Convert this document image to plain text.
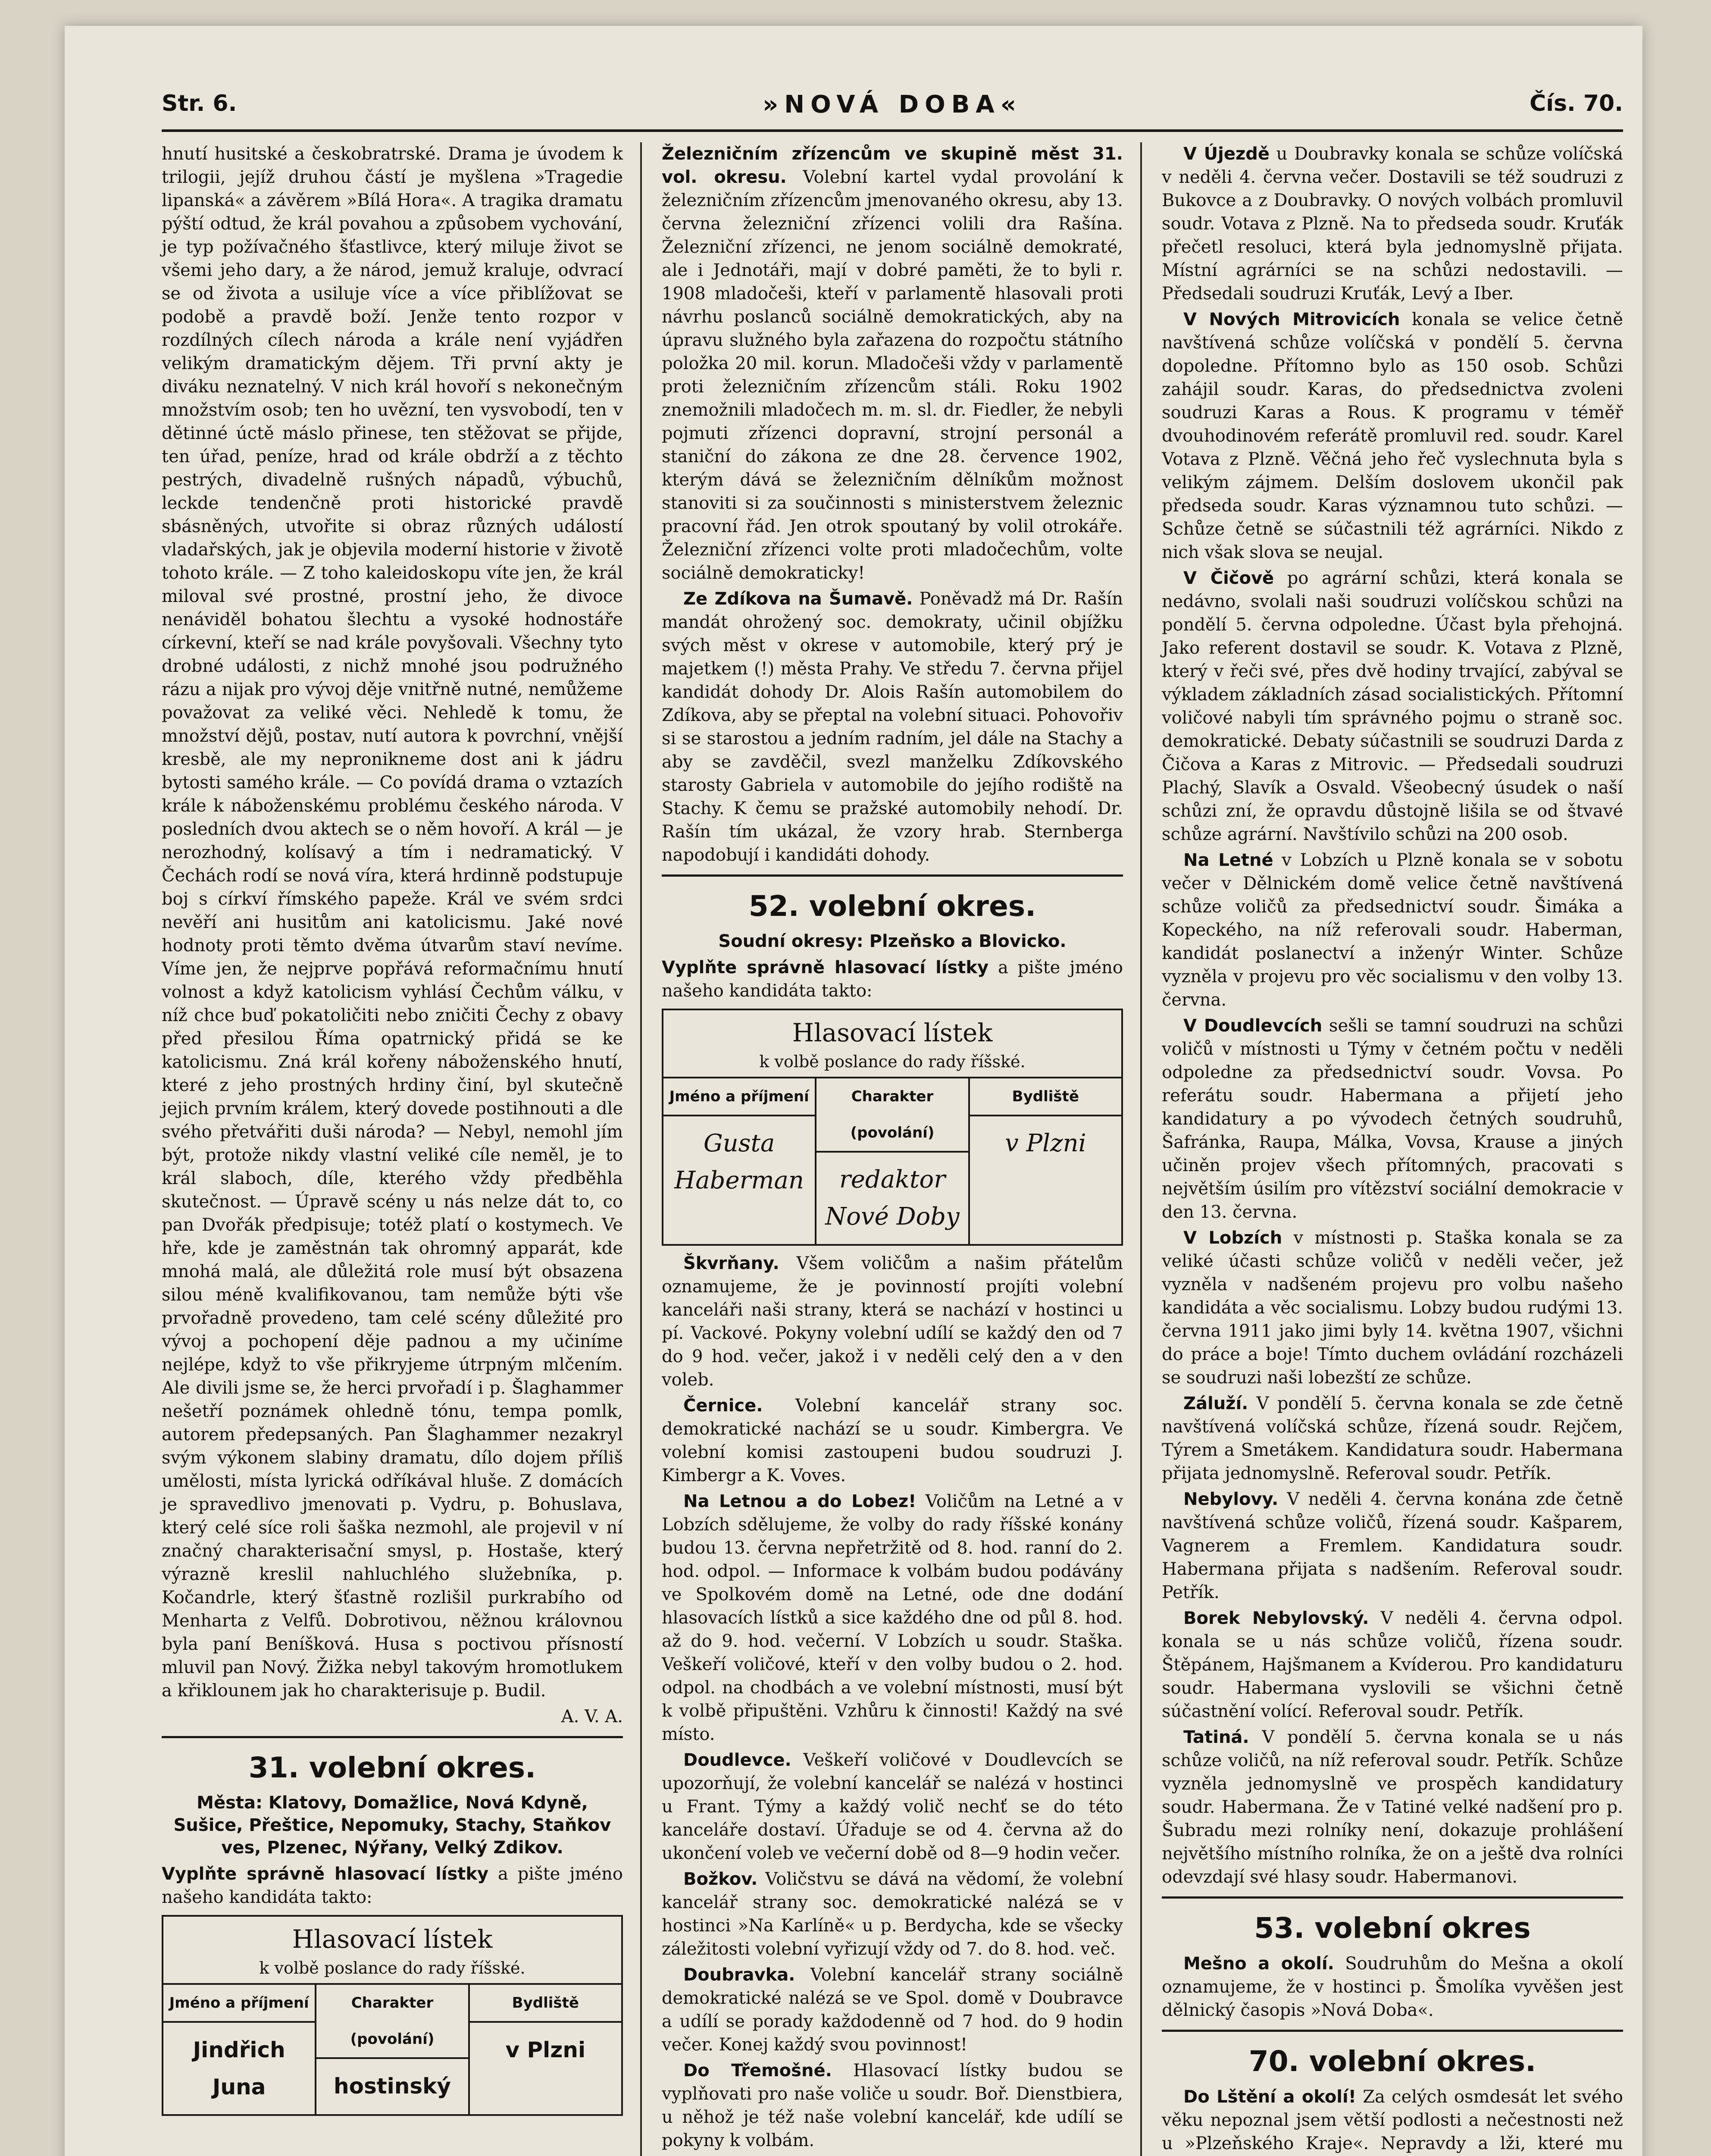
Str. 6.	»NOVÁ DOBA«	Čís. 70.

hnutí husitské a českobratrské. Drama je úvodem k trilogii, jejíž druhou částí je myšlena »Tragedie lipanská« a závěrem »Bílá Hora«. A tragika dramatu pýští odtud, že král povahou a způsobem vychování, je typ požívačného šťastlivce, který miluje život se všemi jeho dary, a že národ, jemuž kraluje, odvrací se od života a usiluje více a více přiblížovat se podobě a pravdě boží. Jenže tento rozpor v rozdílných cílech národa a krále není vyjádřen velikým dramatickým dějem. Tři první akty je diváku neznatelný. V nich král hovoří s nekonečným množstvím osob; ten ho uvězní, ten vysvobodí, ten v dětinné úctě máslo přinese, ten stěžovat se přijde, ten úřad, peníze, hrad od krále obdrží a z těchto pestrých, divadelně rušných nápadů, výbuchů, leckde tendenčně proti historické pravdě sbásněných, utvořite si obraz různých událostí vladařských, jak je objevila moderní historie v životě tohoto krále. — Z toho kaleidoskopu víte jen, že král miloval své prostné, prostní jeho, že divoce nenáviděl bohatou šlechtu a vysoké hodnostáře církevní, kteří se nad krále povyšovali. Všechny tyto drobné události, z nichž mnohé jsou podružného rázu a nijak pro vývoj děje vnitřně nutné, nemůžeme považovat za veliké věci. Nehledě k tomu, že množství dějů, postav, nutí autora k povrchní, vnější kresbě, ale my nepronikneme dost ani k jádru bytosti samého krále. — Co povídá drama o vztazích krále k náboženskému problému českého národa. V posledních dvou aktech se o něm hovoří. A král — je nerozhodný, kolísavý a tím i nedramatický. V Čechách rodí se nová víra, která hrdinně podstupuje boj s církví římského papeže. Král ve svém srdci nevěří ani husitům ani katolicismu. Jaké nové hodnoty proti těmto dvěma útvarům staví nevíme. Víme jen, že nejprve popřává reformačnímu hnutí volnost a když katolicism vyhlásí Čechům válku, v níž chce buď pokatoličiti nebo zničiti Čechy z obavy před přesilou Říma opatrnický přidá se ke katolicismu. Zná král kořeny náboženského hnutí, které z jeho prostných hrdiny činí, byl skutečně jejich prvním králem, který dovede postihnouti a dle svého přetvářiti duši národa? — Nebyl, nemohl jím být, protože nikdy vlastní veliké cíle neměl, je to král slaboch, díle, kterého vždy předběhla skutečnost. — Úpravě scény u nás nelze dát to, co pan Dvořák předpisuje; totéž platí o kostymech. Ve hře, kde je zaměstnán tak ohromný apparát, kde mnohá malá, ale důležitá role musí být obsazena silou méně kvalifikovanou, tam nemůže býti vše prvořadně provedeno, tam celé scény důležité pro vývoj a pochopení děje padnou a my učiníme nejlépe, když to vše přikryjeme útrpným mlčením. Ale divili jsme se, že herci prvořadí i p. Šlaghammer nešetří poznámek ohledně tónu, tempa pomlk, autorem předepsaných. Pan Šlaghammer nezakryl svým výkonem slabiny dramatu, dílo dojem příliš umělosti, místa lyrická odříkával hluše. Z domácích je spravedlivo jmenovati p. Vydru, p. Bohuslava, který celé síce roli šaška nezmohl, ale projevil v ní značný charakterisační smysl, p. Hostaše, který výrazně kreslil nahluchlého služebníka, p. Kočandrle, který šťastně rozlišil purkrabího od Menharta z Velfů. Dobrotivou, něžnou královnou byla paní Beníšková. Husa s poctivou přísností mluvil pan Nový. Žižka nebyl takovým hromotlukem a křiklounem jak ho charakterisuje p. Budil.

A. V. A.
31. volební okres.
Města: Klatovy, Domažlice, Nová Kdyně, Sušice, Přeštice, Nepomuky, Stachy, Staňkov ves, Plzenec, Nýřany, Velký Zdikov.

Vyplňte správně hlasovací lístky a pište jméno našeho kandidáta takto:

Hlasovací lístek
k volbě poslance do rady říšské.
Jméno a příjmení
Jindřich Juna
Charakter (povolání)
hostinský
Bydliště
v Plzni

Železničním zřízencům ve skupině měst 31. vol. okresu. Volební kartel vydal provolání k železničním zřízencům jmenovaného okresu, aby 13. června železniční zřízenci volili dra Rašína. Železniční zřízenci, ne jenom sociálně demokraté, ale i Jednotáři, mají v dobré paměti, že to byli r. 1908 mladočeši, kteří v parlamentě hlasovali proti návrhu poslanců sociálně demokratických, aby na úpravu služného byla zařazena do rozpočtu státního položka 20 mil. korun. Mladočeši vždy v parlamentě proti železničním zřízencům stáli. Roku 1902 znemožnili mladočech m. m. sl. dr. Fiedler, že nebyli pojmuti zřízenci dopravní, strojní personál a staniční do zákona ze dne 28. července 1902, kterým dává se železničním dělníkům možnost stanoviti si za součinnosti s ministerstvem železnic pracovní řád. Jen otrok spoutaný by volil otrokáře. Železniční zřízenci volte proti mladočechům, volte sociálně demokraticky!

Ze Zdíkova na Šumavě. Poněvadž má Dr. Rašín mandát ohrožený soc. demokraty, učinil objížku svých měst v okrese v automobile, který prý je majetkem (!) města Prahy. Ve středu 7. června přijel kandidát dohody Dr. Alois Rašín automobilem do Zdíkova, aby se přeptal na volební situaci. Pohovořiv si se starostou a jedním radním, jel dále na Stachy a aby se zavděčil, svezl manželku Zdíkovského starosty Gabriela v automobile do jejího rodiště na Stachy. K čemu se pražské automobily nehodí. Dr. Rašín tím ukázal, že vzory hrab. Sternberga napodobují i kandidáti dohody.

52. volební okres.
Soudní okresy: Plzeňsko a Blovicko.

Vyplňte správně hlasovací lístky a pište jméno našeho kandidáta takto:

Hlasovací lístek
k volbě poslance do rady říšské.
Jméno a příjmení
Gusta Haberman
Charakter (povolání)
redaktor Nové Doby
Bydliště
v Plzni

Škvrňany. Všem voličům a našim přátelům oznamujeme, že je povinností projíti volební kanceláři naši strany, která se nachází v hostinci u pí. Vackové. Pokyny volební udílí se každý den od 7 do 9 hod. večer, jakož i v neděli celý den a v den voleb.

Černice. Volební kancelář strany soc. demokratické nachází se u soudr. Kimbergra. Ve volební komisi zastoupeni budou soudruzi J. Kimbergr a K. Voves.

Na Letnou a do Lobez! Voličům na Letné a v Lobzích sdělujeme, že volby do rady říšské konány budou 13. června nepřetržitě od 8. hod. ranní do 2. hod. odpol. — Informace k volbám budou podávány ve Spolkovém domě na Letné, ode dne dodání hlasovacích lístků a sice každého dne od půl 8. hod. až do 9. hod. večerní. V Lobzích u soudr. Staška. Veškeří voličové, kteří v den volby budou o 2. hod. odpol. na chodbách a ve volební místnosti, musí být k volbě připuštěni. Vzhůru k činnosti! Každý na své místo.

Doudlevce. Veškeří voličové v Doudlevcích se upozorňují, že volební kancelář se nalézá v hostinci u Frant. Týmy a každý volič nechť se do této kanceláře dostaví. Úřaduje se od 4. června až do ukončení voleb ve večerní době od 8—9 hodin večer.

Božkov. Voličstvu se dává na vědomí, že volební kancelář strany soc. demokratické nalézá se v hostinci »Na Karlíně« u p. Berdycha, kde se všecky záležitosti volební vyřizují vždy od 7. do 8. hod. več.

Doubravka. Volební kancelář strany sociálně demokratické nalézá se ve Spol. domě v Doubravce a udílí se porady každodenně od 7 hod. do 9 hodin večer. Konej každý svou povinnost!

Do Třemošné. Hlasovací lístky budou se vyplňovati pro naše voliče u soudr. Boř. Dienstbiera, u něhož je též naše volební kancelář, kde udílí se pokyny k volbám.

V Újezdě u Doubravky konala se schůze volíčská v neděli 4. června večer. Dostavili se též soudruzi z Bukovce a z Doubravky. O nových volbách promluvil soudr. Votava z Plzně. Na to předseda soudr. Kruťák přečetl resoluci, která byla jednomyslně přijata. Místní agrárníci se na schůzi nedostavili. — Předsedali soudruzi Kruťák, Levý a Iber.

V Nových Mitrovicích konala se velice četně navštívená schůze volíčská v pondělí 5. června dopoledne. Přítomno bylo as 150 osob. Schůzi zahájil soudr. Karas, do předsednictva zvoleni soudruzi Karas a Rous. K programu v téměř dvouhodinovém referátě promluvil red. soudr. Karel Votava z Plzně. Věčná jeho řeč vyslechnuta byla s velikým zájmem. Delším doslovem ukončil pak předseda soudr. Karas významnou tuto schůzi. — Schůze četně se súčastnili též agrárníci. Nikdo z nich však slova se neujal.

V Čičově po agrární schůzi, která konala se nedávno, svolali naši soudruzi volíčskou schůzi na pondělí 5. června odpoledne. Účast byla přehojná. Jako referent dostavil se soudr. K. Votava z Plzně, který v řeči své, přes dvě hodiny trvající, zabýval se výkladem základních zásad socialistických. Přítomní voličové nabyli tím správného pojmu o straně soc. demokratické. Debaty súčastnili se soudruzi Darda z Čičova a Karas z Mitrovic. — Předsedali soudruzi Plachý, Slavík a Osvald. Všeobecný úsudek o naší schůzi zní, že opravdu důstojně lišila se od štvavé schůze agrární. Navštívilo schůzi na 200 osob.

Na Letné v Lobzích u Plzně konala se v sobotu večer v Dělnickém domě velice četně navštívená schůze voličů za předsednictví soudr. Šimáka a Kopeckého, na níž referovali soudr. Haberman, kandidát poslanectví a inženýr Winter. Schůze vyzněla v projevu pro věc socialismu v den volby 13. června.

V Doudlevcích sešli se tamní soudruzi na schůzi voličů v místnosti u Týmy v četném počtu v neděli odpoledne za předsednictví soudr. Vovsa. Po referátu soudr. Habermana a přijetí jeho kandidatury a po vývodech četných soudruhů, Šafránka, Raupa, Málka, Vovsa, Krause a jiných učiněn projev všech přítomných, pracovati s největším úsilím pro vítězství sociální demokracie v den 13. června.

V Lobzích v místnosti p. Staška konala se za veliké účasti schůze voličů v neděli večer, jež vyzněla v nadšeném projevu pro volbu našeho kandidáta a věc socialismu. Lobzy budou rudými 13. června 1911 jako jimi byly 14. května 1907, všichni do práce a boje! Tímto duchem ovládání rozcházeli se soudruzi naši lobezští ze schůze.

Záluží. V pondělí 5. června konala se zde četně navštívená volíčská schůze, řízená soudr. Rejčem, Týrem a Smetákem. Kandidatura soudr. Habermana přijata jednomyslně. Referoval soudr. Petřík.

Nebylovy. V neděli 4. června konána zde četně navštívená schůze voličů, řízená soudr. Kašparem, Vagnerem a Fremlem. Kandidatura soudr. Habermana přijata s nadšením. Referoval soudr. Petřík.

Borek Nebylovský. V neděli 4. června odpol. konala se u nás schůze voličů, řízena soudr. Štěpánem, Hajšmanem a Kvíderou. Pro kandidaturu soudr. Habermana vyslovili se všichni četně súčastnění volící. Referoval soudr. Petřík.

Tatiná. V pondělí 5. června konala se u nás schůze voličů, na níž referoval soudr. Petřík. Schůze vyzněla jednomyslně ve prospěch kandidatury soudr. Habermana. Že v Tatiné velké nadšení pro p. Šubradu mezi rolníky není, dokazuje prohlášení největšího místního rolníka, že on a ještě dva rolníci odevzdají své hlasy soudr. Habermanovi.

53. volební okres

Mešno a okolí. Soudruhům do Mešna a okolí oznamujeme, že v hostinci p. Šmolíka vyvěšen jest dělnický časopis »Nová Doba«.

70. volební okres.

Do Lštění a okolí! Za celých osmdesát let svého věku nepoznal jsem větší podlosti a nečestnosti než u »Plzeňského Kraje«. Nepravdy a lži, které mu
